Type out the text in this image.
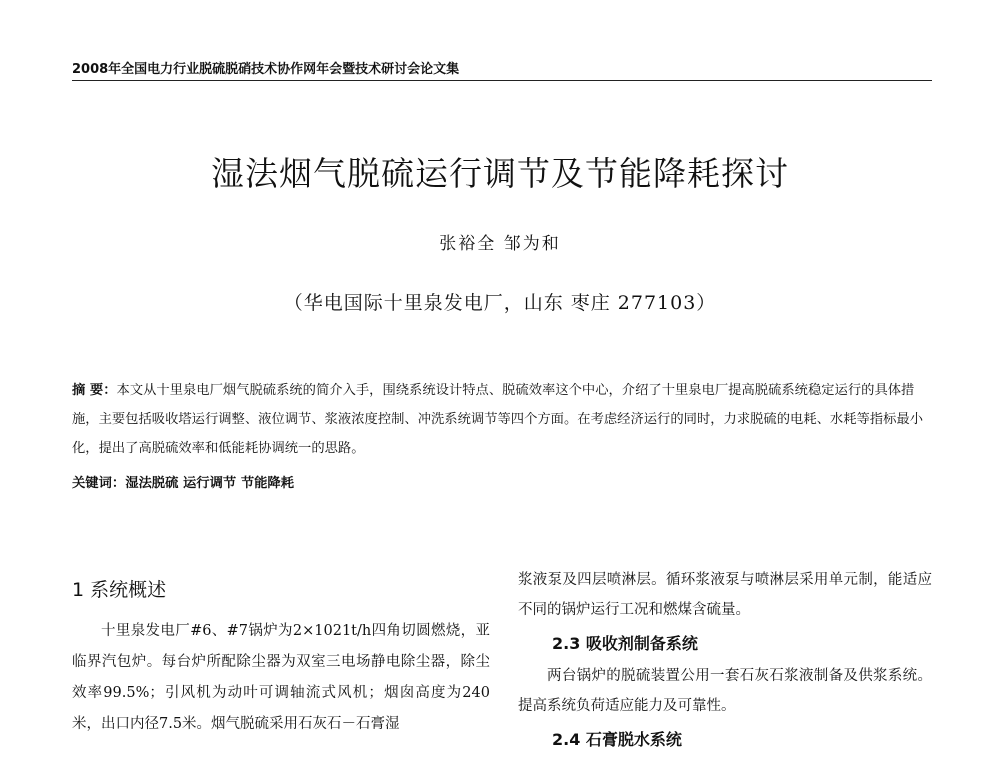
2008年全国电力行业脱硫脱硝技术协作网年会暨技术研讨会论文集
湿法烟气脱硫运行调节及节能降耗探讨
张裕全 邹为和
（华电国际十里泉发电厂，山东 枣庄 277103）
摘 要：本文从十里泉电厂烟气脱硫系统的简介入手，围绕系统设计特点、脱硫效率这个中心，介绍了十里泉电厂提高脱硫系统稳定运行的具体措施，主要包括吸收塔运行调整、液位调节、浆液浓度控制、冲洗系统调节等四个方面。在考虑经济运行的同时，力求脱硫的电耗、水耗等指标最小化，提出了高脱硫效率和低能耗协调统一的思路。
关键词：湿法脱硫 运行调节 节能降耗
1 系统概述

十里泉发电厂#6、#7锅炉为2×1021t/h四角切圆燃烧，亚临界汽包炉。每台炉所配除尘器为双室三电场静电除尘器，除尘效率99.5%；引风机为动叶可调轴流式风机；烟囱高度为240米，出口内径7.5米。烟气脱硫采用石灰石－石膏湿

浆液泵及四层喷淋层。循环浆液泵与喷淋层采用单元制，能适应不同的锅炉运行工况和燃煤含硫量。

2.3 吸收剂制备系统

两台锅炉的脱硫装置公用一套石灰石浆液制备及供浆系统。提高系统负荷适应能力及可靠性。

2.4 石膏脱水系统
